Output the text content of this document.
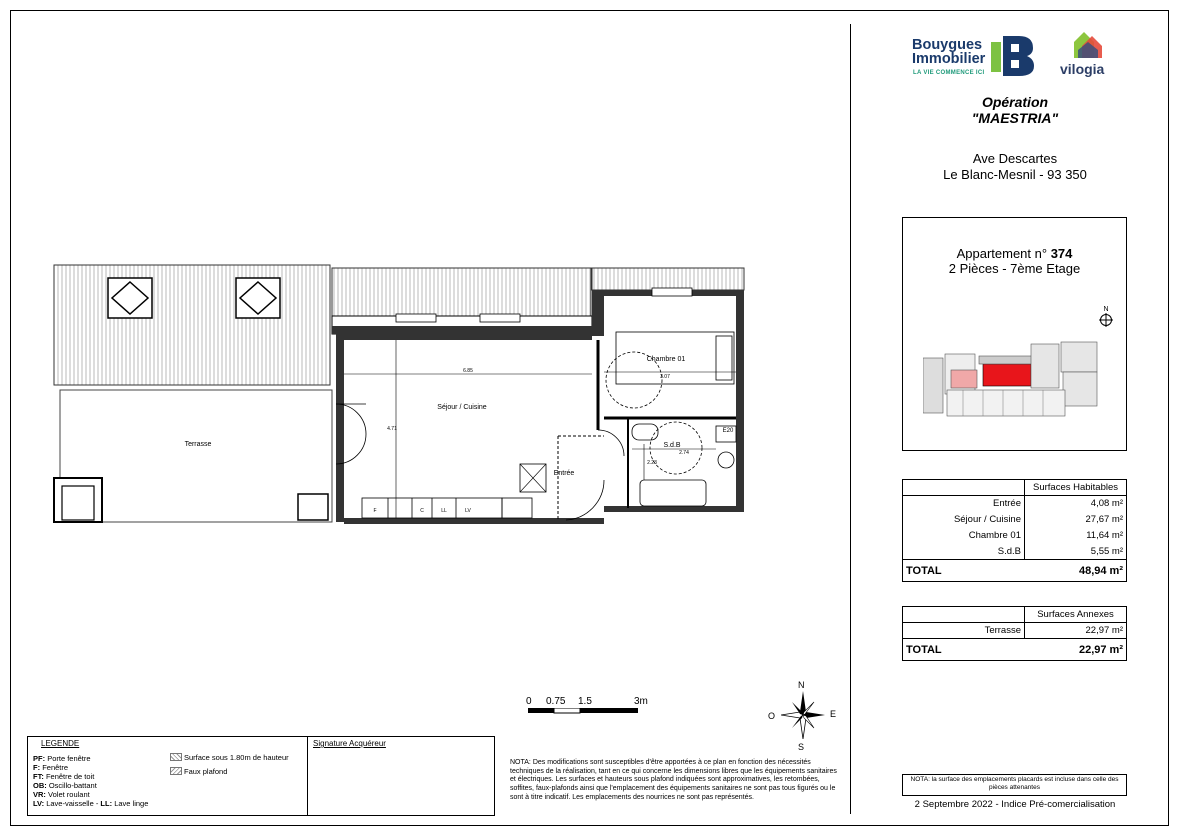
Terrasse
Séjour / Cuisine
Chambre 01
S.d.B
Entrée
E20
6.85
4.71
3.07
2.74
2.23
F	C	LL	LV
Bouygues
Immobilier
LA VIE COMMENCE ICI	vilogia
Opération
"MAESTRIA"
Ave Descartes
Le Blanc-Mesnil - 93 350
Appartement n° 374
2 Pièces - 7ème Etage
N
	Surfaces Habitables
Entrée	4,08 m²
Séjour / Cuisine	27,67 m²
Chambre 01	11,64 m²
S.d.B	5,55 m²
TOTAL	48,94 m²
	Surfaces Annexes
Terrasse	22,97 m²
TOTAL	22,97 m²
NOTA: la surface des emplacements placards est incluse dans celle des pièces attenantes
2 Septembre 2022 - Indice Pré-comercialisation
0 0.75 1.5	3m
N
S
E
O
LEGENDE
PF: Porte fenêtre
F: Fenêtre
FT: Fenêtre de toit
OB: Oscillo-battant
VR: Volet roulant
LV: Lave-vaisselle - LL: Lave linge
Surface sous 1.80m de hauteur
Faux plafond
Signature Acquéreur
NOTA: Des modifications sont susceptibles d'être apportées à ce plan en fonction des nécessités techniques de la réalisation, tant en ce qui concerne les dimensions libres que les équipements sanitaires et électriques. Les surfaces et hauteurs sous plafond indiquées sont approximatives, les retombées, soffites, faux-plafonds ainsi que l'emplacement des équipements sanitaires ne sont pas tous figurés ou le sont à titre indicatif. Les emplacements des nourrices ne sont pas représentés.
